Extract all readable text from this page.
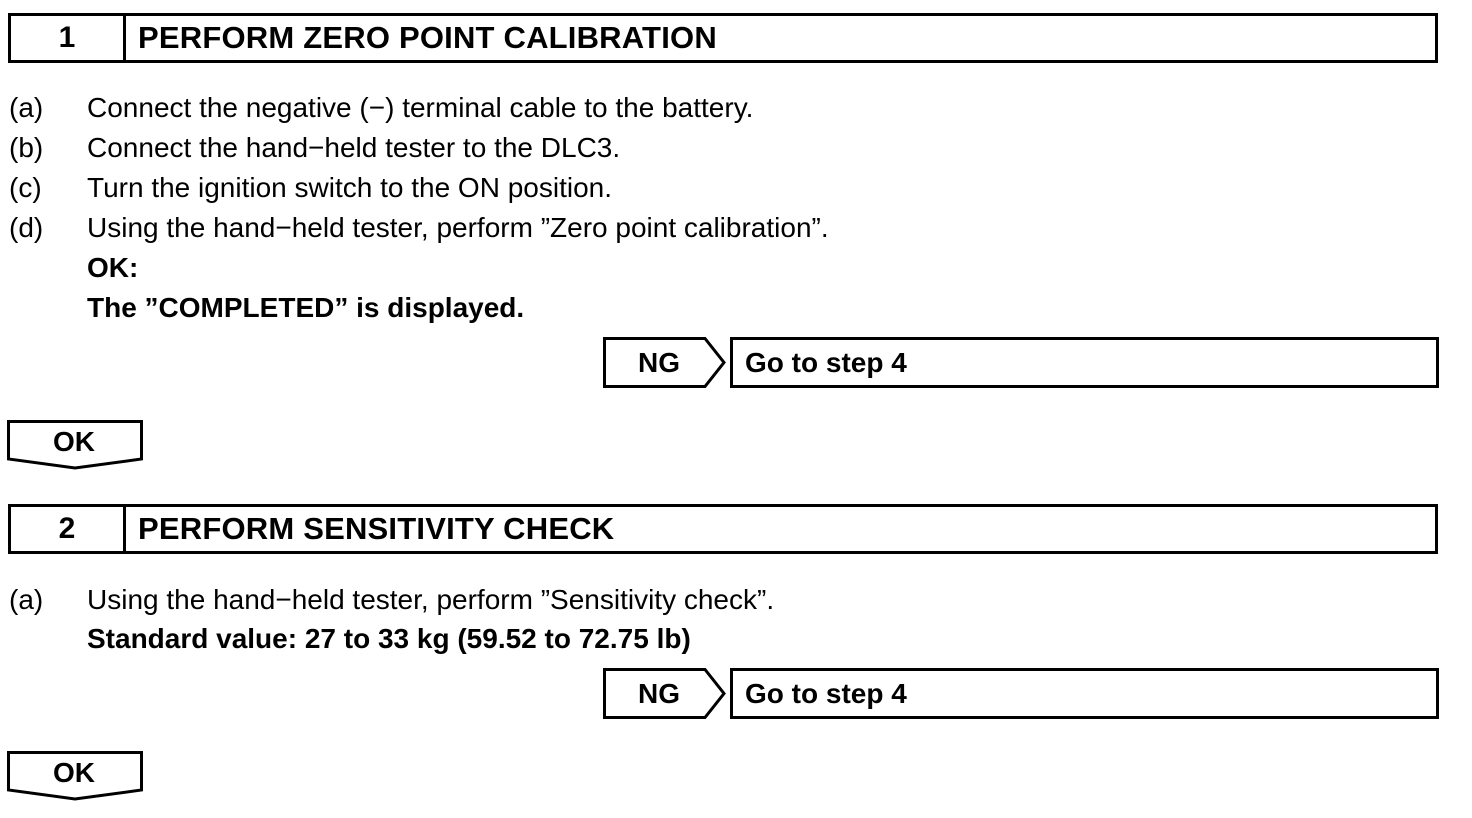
1	PERFORM ZERO POINT CALIBRATION
(a) Connect the negative (−) terminal cable to the battery.
(b) Connect the hand−held tester to the DLC3.
(c) Turn the ignition switch to the ON position.
(d) Using the hand−held tester, perform ”Zero point calibration”.
OK:
The ”COMPLETED” is displayed.
NG	Go to step 4
OK
2	PERFORM SENSITIVITY CHECK
(a) Using the hand−held tester, perform ”Sensitivity check”.
Standard value: 27 to 33 kg (59.52 to 72.75 lb)
NG	Go to step 4
OK
